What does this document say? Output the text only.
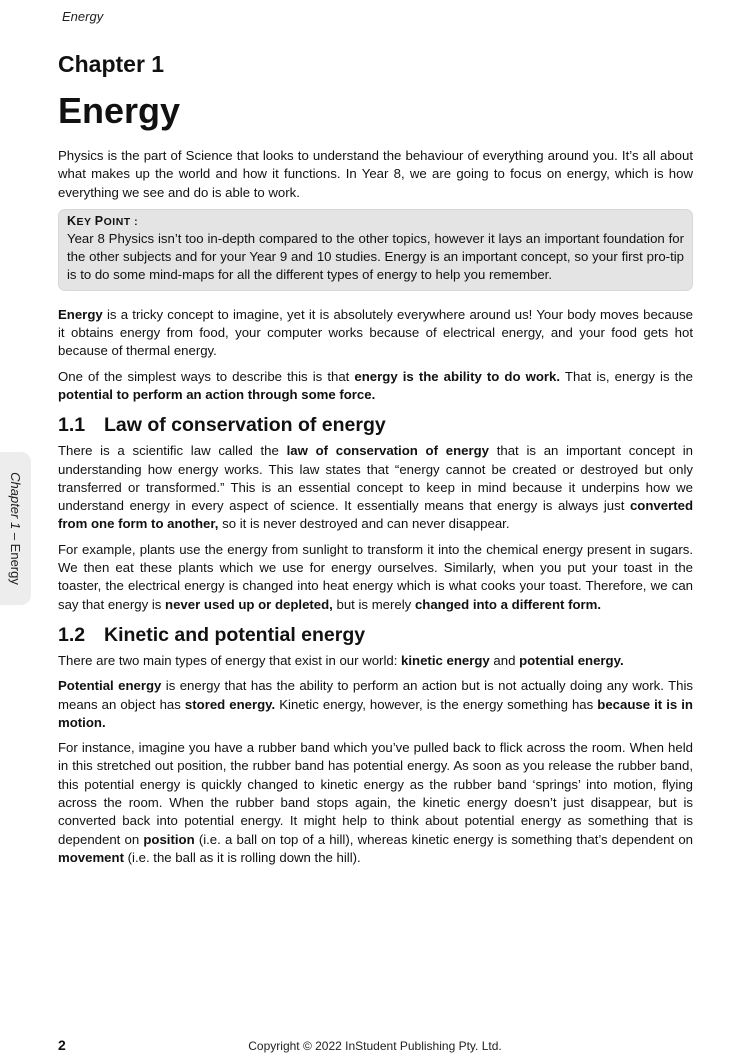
Energy
Chapter 1 – Energy
Chapter 1
Energy

Physics is the part of Science that looks to understand the behaviour of everything around you. It’s all about what makes up the world and how it functions. In Year 8, we are going to focus on energy, which is how everything we see and do is able to work.

KEY POINT :
Year 8 Physics isn’t too in-depth compared to the other topics, however it lays an important foundation for the other subjects and for your Year 9 and 10 studies. Energy is an important concept, so your first pro-tip is to do some mind-maps for all the different types of energy to help you remember.

Energy is a tricky concept to imagine, yet it is absolutely everywhere around us! Your body moves because it obtains energy from food, your computer works because of electrical energy, and your food gets hot because of thermal energy.

One of the simplest ways to describe this is that energy is the ability to do work. That is, energy is the potential to perform an action through some force.

1.1 Law of conservation of energy

There is a scientific law called the law of conservation of energy that is an important concept in understanding how energy works. This law states that “energy cannot be created or destroyed but only transferred or transformed.” This is an essential concept to keep in mind because it underpins how we understand energy in every aspect of science. It essentially means that energy is always just converted from one form to another, so it is never destroyed and can never disappear.

For example, plants use the energy from sunlight to transform it into the chemical energy present in sugars. We then eat these plants which we use for energy ourselves. Similarly, when you put your toast in the toaster, the electrical energy is changed into heat energy which is what cooks your toast. Therefore, we can say that energy is never used up or depleted, but is merely changed into a different form.

1.2 Kinetic and potential energy

There are two main types of energy that exist in our world: kinetic energy and potential energy.

Potential energy is energy that has the ability to perform an action but is not actually doing any work. This means an object has stored energy. Kinetic energy, however, is the energy something has because it is in motion.

For instance, imagine you have a rubber band which you’ve pulled back to flick across the room. When held in this stretched out position, the rubber band has potential energy. As soon as you release the rubber band, this potential energy is quickly changed to kinetic energy as the rubber band ‘springs’ into motion, flying across the room. When the rubber band stops again, the kinetic energy doesn’t just disappear, but is converted back into potential energy. It might help to think about potential energy as something that is dependent on position (i.e. a ball on top of a hill), whereas kinetic energy is something that’s dependent on movement (i.e. the ball as it is rolling down the hill).

Copyright © 2022 InStudent Publishing Pty. Ltd.
2
